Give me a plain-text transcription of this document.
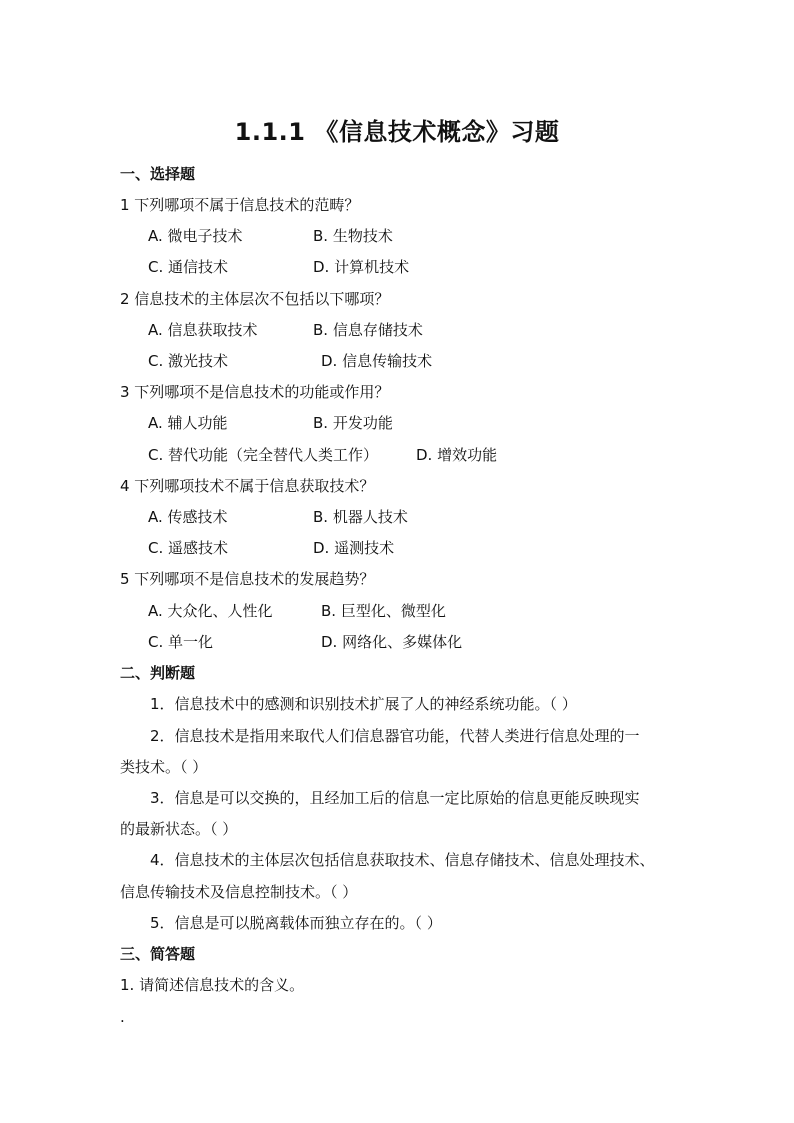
1.1.1 《信息技术概念》习题
一、选择题
1 下列哪项不属于信息技术的范畴？
A. 微电子技术	B. 生物技术
C. 通信技术	D. 计算机技术
2 信息技术的主体层次不包括以下哪项？
A. 信息获取技术	B. 信息存储技术
C. 激光技术	D. 信息传输技术
3 下列哪项不是信息技术的功能或作用？
A. 辅人功能	B. 开发功能
C. 替代功能（完全替代人类工作）	D. 增效功能
4 下列哪项技术不属于信息获取技术？
A. 传感技术	B. 机器人技术
C. 遥感技术	D. 遥测技术
5 下列哪项不是信息技术的发展趋势？
A. 大众化、人性化	B. 巨型化、微型化
C. 单一化	D. 网络化、多媒体化
二、判断题
1．信息技术中的感测和识别技术扩展了人的神经系统功能。（ ）
2．信息技术是指用来取代人们信息器官功能，代替人类进行信息处理的一
类技术。（ ）
3．信息是可以交换的，且经加工后的信息一定比原始的信息更能反映现实
的最新状态。（ ）
4．信息技术的主体层次包括信息获取技术、信息存储技术、信息处理技术、
信息传输技术及信息控制技术。（ ）
5．信息是可以脱离载体而独立存在的。（ ）
三、简答题
1. 请简述信息技术的含义。
.
